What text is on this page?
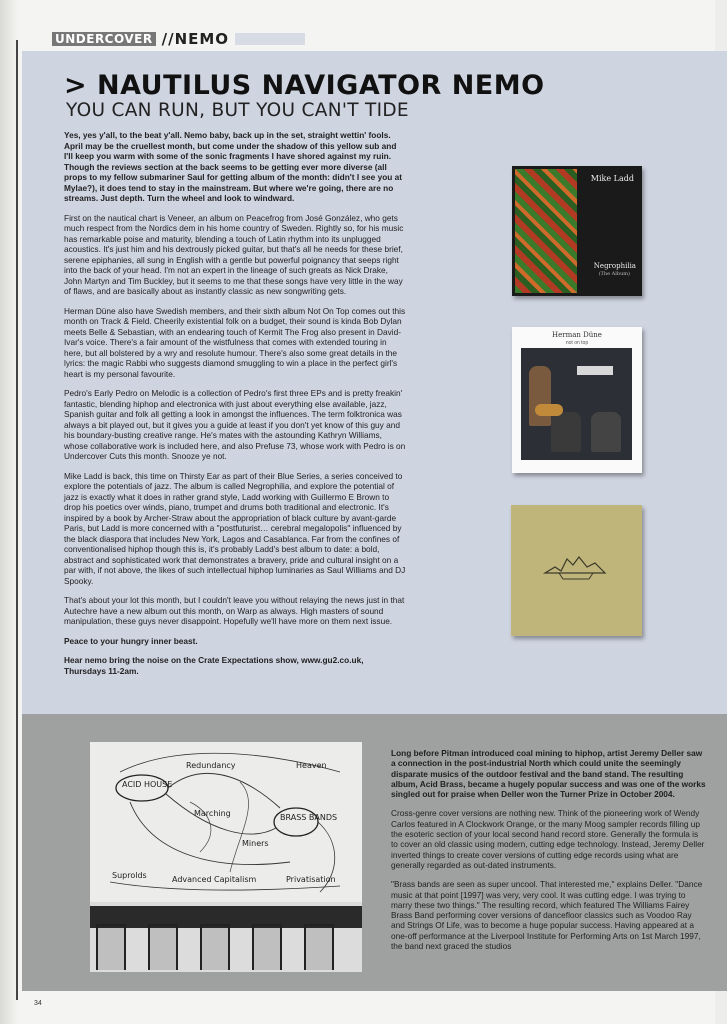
UNDERCOVER //NEMO
> NAUTILUS NAVIGATOR NEMO
YOU CAN RUN, BUT YOU CAN'T TIDE

Yes, yes y'all, to the beat y'all. Nemo baby, back up in the set, straight wettin' fools. April may be the cruellest month, but come under the shadow of this yellow sub and I'll keep you warm with some of the sonic fragments I have shored against my ruin. Though the reviews section at the back seems to be getting ever more diverse (all props to my fellow submariner Saul for getting album of the month: didn't I see you at Mylae?), it does tend to stay in the mainstream. But where we're going, there are no streams. Just depth. Turn the wheel and look to windward.

First on the nautical chart is Veneer, an album on Peacefrog from José González, who gets much respect from the Nordics dem in his home country of Sweden. Rightly so, for his music has remarkable poise and maturity, blending a touch of Latin rhythm into its unplugged acoustics. It's just him and his dextrously picked guitar, but that's all he needs for these brief, serene epiphanies, all sung in English with a gentle but powerful poignancy that seeps right into the back of your head. I'm not an expert in the lineage of such greats as Nick Drake, John Martyn and Tim Buckley, but it seems to me that these songs have very little in the way of flaws, and are basically about as instantly classic as new songwriting gets.

Herman Düne also have Swedish members, and their sixth album Not On Top comes out this month on Track & Field. Cheerily existential folk on a budget, their sound is kinda Bob Dylan meets Belle & Sebastian, with an endearing touch of Kermit The Frog also present in David-Ivar's voice. There's a fair amount of the wistfulness that comes with extended touring in here, but all bolstered by a wry and resolute humour. There's also some great details in the lyrics: the magic Rabbi who suggests diamond smuggling to win a place in the perfect girl's heart is my personal favourite.

Pedro's Early Pedro on Melodic is a collection of Pedro's first three EPs and is pretty freakin' fantastic, blending hiphop and electronica with just about everything else available, jazz, Spanish guitar and folk all getting a look in amongst the influences. The term folktronica was always a bit played out, but it gives you a guide at least if you don't yet know of this guy and his boundary-busting creative range. He's mates with the astounding Kathryn Williams, whose collaborative work is included here, and also Prefuse 73, whose work with Pedro is on Undercover Cuts this month. Snooze ye not.

Mike Ladd is back, this time on Thirsty Ear as part of their Blue Series, a series conceived to explore the potentials of jazz. The album is called Negrophilia, and explore the potential of jazz is exactly what it does in rather grand style, Ladd working with Guillermo E Brown to drop his poetics over winds, piano, trumpet and drums both traditional and electronic. It's inspired by a book by Archer-Straw about the appropriation of black culture by avant-garde Paris, but Ladd is more concerned with a "postfuturist… cerebral megalopolis" influenced by the black diaspora that includes New York, Lagos and Casablanca. Far from the confines of conventionalised hiphop though this is, it's probably Ladd's best album to date: a bold, abstract and sophisticated work that demonstrates a bravery, pride and cultural insight on a par with, if not above, the likes of such intellectual hiphop luminaries as Saul Williams and DJ Spooky.

That's about your lot this month, but I couldn't leave you without relaying the news just in that Autechre have a new album out this month, on Warp as always. High masters of sound manipulation, these guys never disappoint. Hopefully we'll have more on them next issue.

Peace to your hungry inner beast.

Hear nemo bring the noise on the Crate Expectations show, www.gu2.co.uk, Thursdays 11-2am.

Mike Ladd
Negrophilia
(The Album)
Herman Düne
not on top
ACID HOUSE
BRASS BANDS
Suprolds	Advanced Capitalism	Privatisation
Redundancy
Miners
Heaven
Marching

Long before Pitman introduced coal mining to hiphop, artist Jeremy Deller saw a connection in the post-industrial North which could unite the seemingly disparate musics of the outdoor festival and the band stand. The resulting album, Acid Brass, became a hugely popular success and was one of the works singled out for praise when Deller won the Turner Prize in October 2004.

Cross-genre cover versions are nothing new. Think of the pioneering work of Wendy Carlos featured in A Clockwork Orange, or the many Moog sampler records filling up the esoteric section of your local second hand record store. Generally the formula is to cover an old classic using modern, cutting edge technology. Instead, Jeremy Deller inverted things to create cover versions of cutting edge records using what are generally regarded as out-dated instruments.

"Brass bands are seen as super uncool. That interested me," explains Deller. "Dance music at that point [1997] was very, very cool. It was cutting edge. I was trying to marry these two things." The resulting record, which featured The Williams Fairey Brass Band performing cover versions of dancefloor classics such as Voodoo Ray and Strings Of Life, was to become a huge popular success. Having appeared at a one-off performance at the Liverpool Institute for Performing Arts on 1st March 1997, the band next graced the studios

34
